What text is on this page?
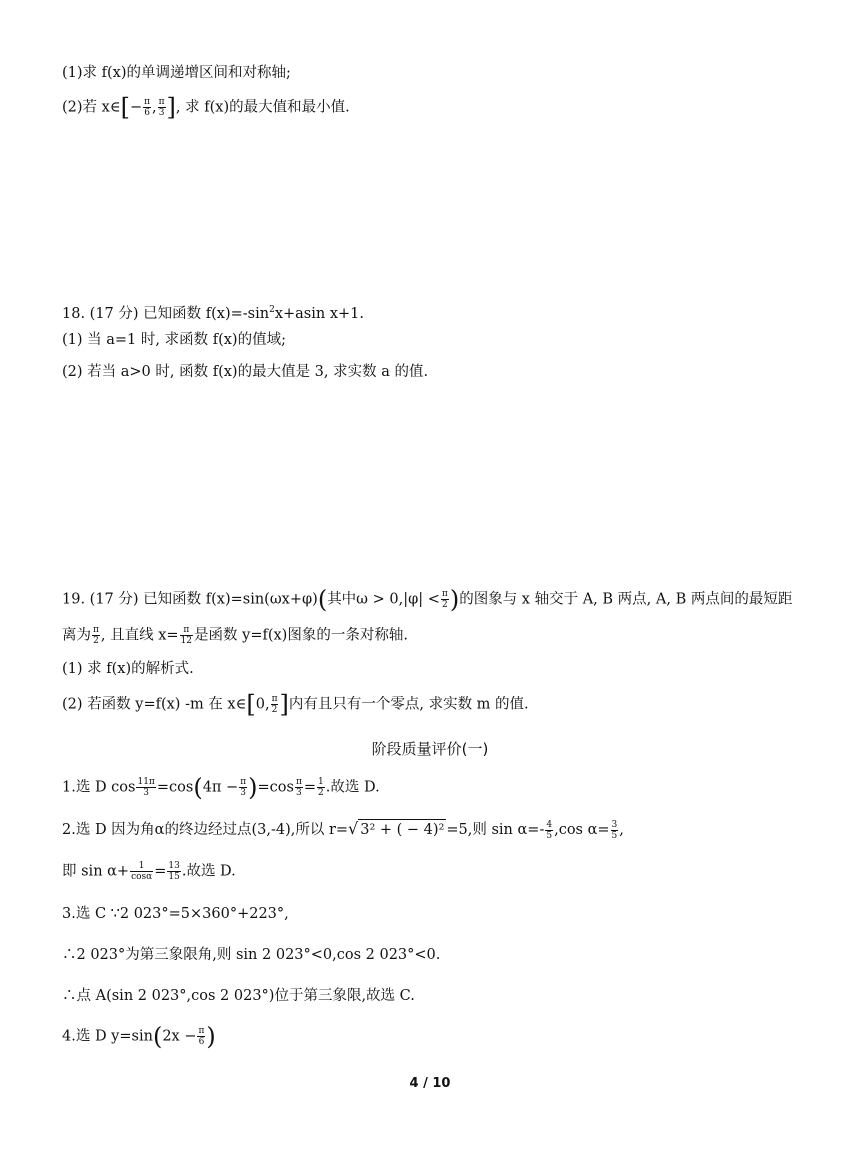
(1)求 f(x)的单调递增区间和对称轴;
(2)若 x∈[− $\frac{\pi}{6}$ , $\frac{\pi}{3}$ ], 求 f(x)的最大值和最小值.
18. (17 分) 已知函数 $f(x)=-\sin^2x+asin$ x+1.
(1) 当 a=1 时, 求函数 f(x)的值域;
(2) 若当 a>0 时, 函数 f(x)的最大值是 3, 求实数 a 的值.
19. (17 分) 已知函数 f(x)=sin(ωx+φ)(其中$\omega > 0,|\varphi| < \frac{\pi}{2}$ )的图象与 x 轴交于 A, B 两点, A, B 两点间的最短距
离为 $\frac{\pi}{2}$ , 且直线 $x= \frac{\pi}{12}$ 是函数 y=f(x)图象的一条对称轴.
(1) 求 f(x)的解析式.
(2) 若函数 y=f(x) -m 在 x∈[0, $\frac{\pi}{2}$ ]内有且只有一个零点, 求实数 m 的值.
阶段质量评价(一)
1.选 D $\cos \frac{11\pi}{3} =\cos(4\pi - \frac{\pi}{3} )=\cos \frac{\pi}{3} = \frac{1}{2}$ .故选 D.
2.选 D 因为角α的终边经过点(3,-4),所以 r=√ 3² + ( − 4)² =5,则 $\sin \alpha=- \frac{4}{5} ,\cos$ $\alpha= \frac{3}{5}$ ,
即 $\sin \alpha+ \frac{1}{\cos\alpha} = \frac{13}{15}$ .故选 D.
3.选 C ∵2 023°=5×360°+223°,
∴2 023°为第三象限角,则 sin 2 023°<0,cos 2 023°<0.
∴点 A(sin 2 023°,cos 2 023°)位于第三象限,故选 C.
4.选 D $y=\sin(2x - \frac{\pi}{6}$ )
4 / 10
